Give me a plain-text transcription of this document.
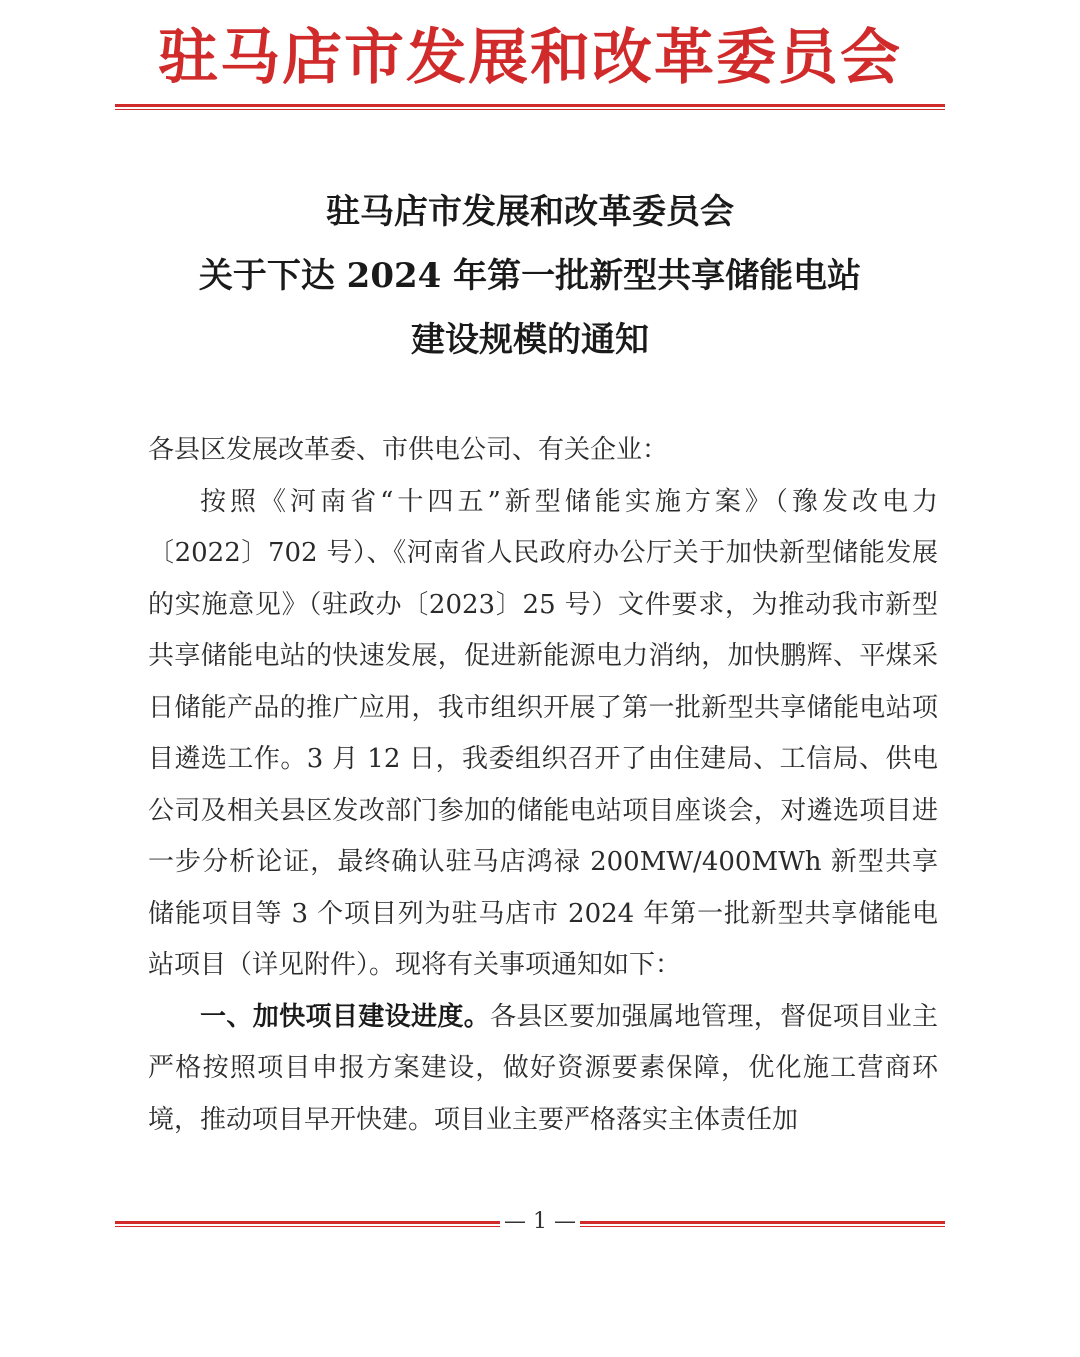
驻马店市发展和改革委员会
驻马店市发展和改革委员会
关于下达 2024 年第一批新型共享储能电站
建设规模的通知
各县区发展改革委、市供电公司、有关企业：

按照《河南省“十四五”新型储能实施方案》（豫发改电力〔2022〕702 号）、《河南省人民政府办公厅关于加快新型储能发展的实施意见》（驻政办〔2023〕25 号）文件要求，为推动我市新型共享储能电站的快速发展，促进新能源电力消纳，加快鹏辉、平煤采日储能产品的推广应用，我市组织开展了第一批新型共享储能电站项目遴选工作。3 月 12 日，我委组织召开了由住建局、工信局、供电公司及相关县区发改部门参加的储能电站项目座谈会，对遴选项目进一步分析论证，最终确认驻马店鸿禄 200MW/400MWh 新型共享储能项目等 3 个项目列为驻马店市 2024 年第一批新型共享储能电站项目（详见附件）。现将有关事项通知如下：

一、加快项目建设进度。各县区要加强属地管理，督促项目业主严格按照项目申报方案建设，做好资源要素保障，优化施工营商环境，推动项目早开快建。项目业主要严格落实主体责任加

— 1 —
